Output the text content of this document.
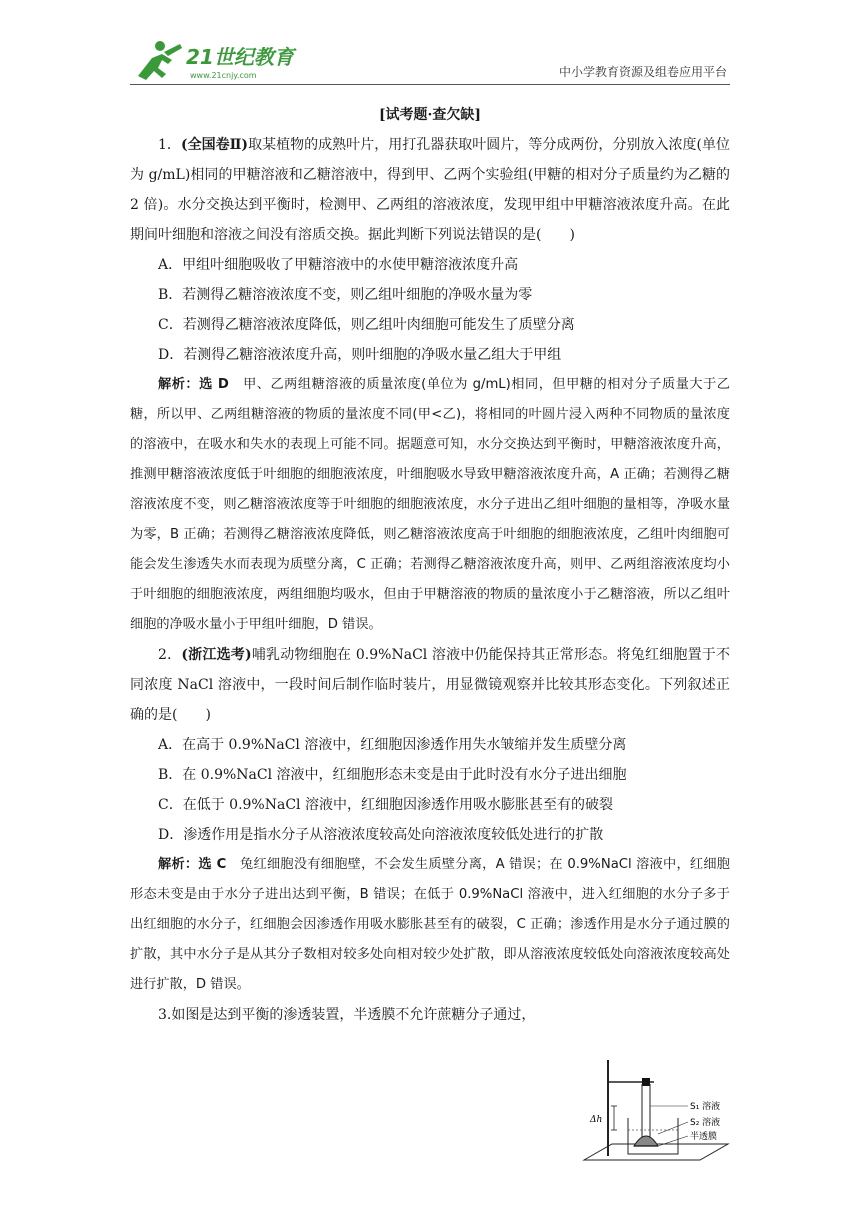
21世纪教育
www.21cnjy.com	中小学教育资源及组卷应用平台
[试考题·查欠缺]

1．(全国卷Ⅱ)取某植物的成熟叶片，用打孔器获取叶圆片，等分成两份，分别放入浓度(单位为 g/mL)相同的甲糖溶液和乙糖溶液中，得到甲、乙两个实验组(甲糖的相对分子质量约为乙糖的 2 倍)。水分交换达到平衡时，检测甲、乙两组的溶液浓度，发现甲组中甲糖溶液浓度升高。在此期间叶细胞和溶液之间没有溶质交换。据此判断下列说法错误的是(　　)

A．甲组叶细胞吸收了甲糖溶液中的水使甲糖溶液浓度升高

B．若测得乙糖溶液浓度不变，则乙组叶细胞的净吸水量为零

C．若测得乙糖溶液浓度降低，则乙组叶肉细胞可能发生了质壁分离

D．若测得乙糖溶液浓度升高，则叶细胞的净吸水量乙组大于甲组

解析：选 D　甲、乙两组糖溶液的质量浓度(单位为 g/mL)相同，但甲糖的相对分子质量大于乙糖，所以甲、乙两组糖溶液的物质的量浓度不同(甲<乙)，将相同的叶圆片浸入两种不同物质的量浓度的溶液中，在吸水和失水的表现上可能不同。据题意可知，水分交换达到平衡时，甲糖溶液浓度升高，推测甲糖溶液浓度低于叶细胞的细胞液浓度，叶细胞吸水导致甲糖溶液浓度升高，A 正确；若测得乙糖溶液浓度不变，则乙糖溶液浓度等于叶细胞的细胞液浓度，水分子进出乙组叶细胞的量相等，净吸水量为零，B 正确；若测得乙糖溶液浓度降低，则乙糖溶液浓度高于叶细胞的细胞液浓度，乙组叶肉细胞可能会发生渗透失水而表现为质壁分离，C 正确；若测得乙糖溶液浓度升高，则甲、乙两组溶液浓度均小于叶细胞的细胞液浓度，两组细胞均吸水，但由于甲糖溶液的物质的量浓度小于乙糖溶液，所以乙组叶细胞的净吸水量小于甲组叶细胞，D 错误。

2．(浙江选考)哺乳动物细胞在 0.9%NaCl 溶液中仍能保持其正常形态。将兔红细胞置于不同浓度 NaCl 溶液中，一段时间后制作临时装片，用显微镜观察并比较其形态变化。下列叙述正确的是(　　)

A．在高于 0.9%NaCl 溶液中，红细胞因渗透作用失水皱缩并发生质壁分离

B．在 0.9%NaCl 溶液中，红细胞形态未变是由于此时没有水分子进出细胞

C．在低于 0.9%NaCl 溶液中，红细胞因渗透作用吸水膨胀甚至有的破裂

D．渗透作用是指水分子从溶液浓度较高处向溶液浓度较低处进行的扩散

解析：选 C　兔红细胞没有细胞壁，不会发生质壁分离，A 错误；在 0.9%NaCl 溶液中，红细胞形态未变是由于水分子进出达到平衡，B 错误；在低于 0.9%NaCl 溶液中，进入红细胞的水分子多于出红细胞的水分子，红细胞会因渗透作用吸水膨胀甚至有的破裂，C 正确；渗透作用是水分子通过膜的扩散，其中水分子是从其分子数相对较多处向相对较少处扩散，即从溶液浓度较低处向溶液浓度较高处进行扩散，D 错误。

3.如图是达到平衡的渗透装置，半透膜不允许蔗糖分子通过，

Δh
S₁ 溶液
S₂ 溶液
半透膜
